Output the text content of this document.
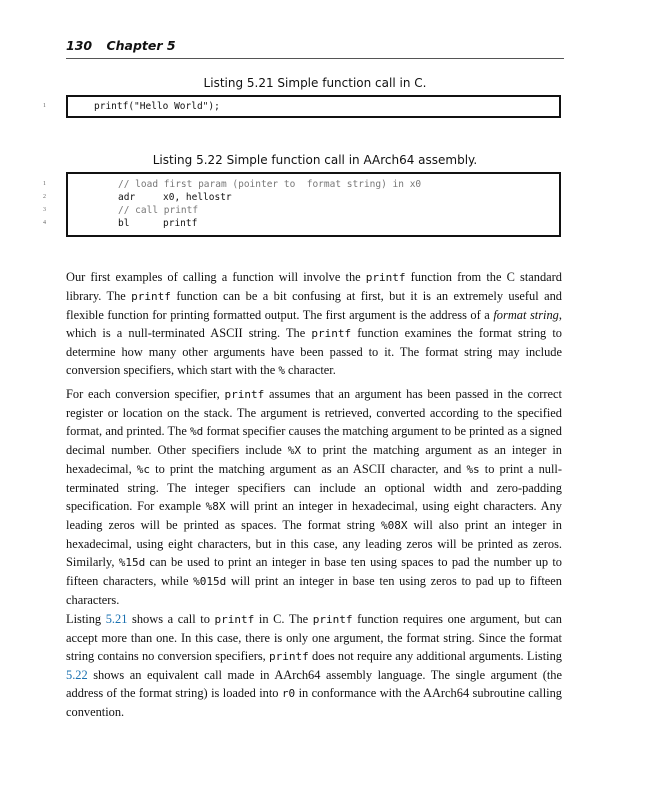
130 Chapter 5
Listing 5.21 Simple function call in C.
1	printf("Hello World");
Listing 5.22 Simple function call in AArch64 assembly.
1	// load first param (pointer to  format string) in x0
2	adr	x0, hellostr
3	// call printf
4	bl	printf

Our first examples of calling a function will involve the printf function from the C standard library. The printf function can be a bit confusing at first, but it is an extremely useful and flexible function for printing formatted output. The first argument is the address of a format string, which is a null-terminated ASCII string. The printf function examines the format string to determine how many other arguments have been passed to it. The format string may include conversion specifiers, which start with the % character.

For each conversion specifier, printf assumes that an argument has been passed in the correct register or location on the stack. The argument is retrieved, converted according to the specified format, and printed. The %d format specifier causes the matching argument to be printed as a signed decimal number. Other specifiers include %X to print the matching argument as an integer in hexadecimal, %c to print the matching argument as an ASCII character, and %s to print a null-terminated string. The integer specifiers can include an optional width and zero-padding specification. For example %8X will print an integer in hexadecimal, using eight characters. Any leading zeros will be printed as spaces. The format string %08X will also print an integer in hexadecimal, using eight characters, but in this case, any leading zeros will be printed as zeros. Similarly, %15d can be used to print an integer in base ten using spaces to pad the number up to fifteen characters, while %015d will print an integer in base ten using zeros to pad up to fifteen characters.

Listing 5.21 shows a call to printf in C. The printf function requires one argument, but can accept more than one. In this case, there is only one argument, the format string. Since the format string contains no conversion specifiers, printf does not require any additional arguments. Listing 5.22 shows an equivalent call made in AArch64 assembly language. The single argument (the address of the format string) is loaded into r0 in conformance with the AArch64 subroutine calling convention.
